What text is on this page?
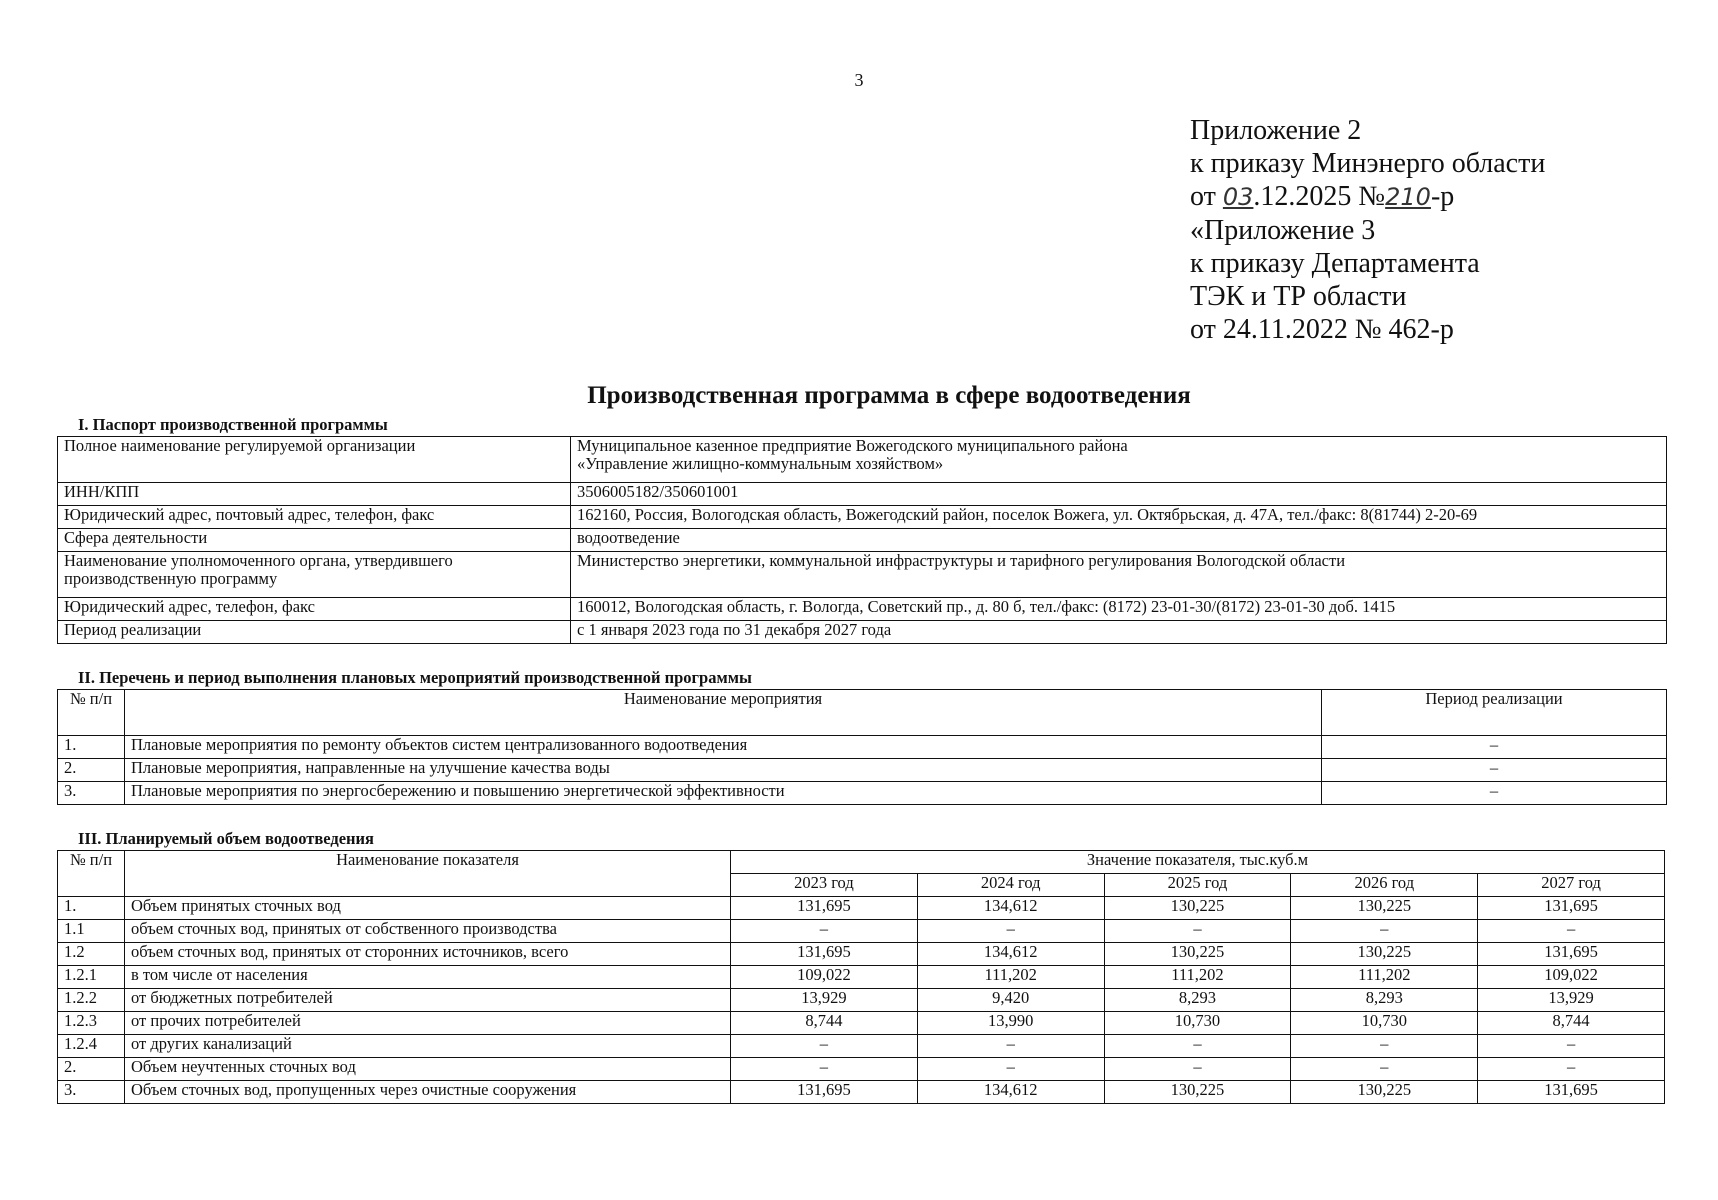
3
Приложение 2
к приказу Минэнерго области
от 03.12.2025 №210-р
«Приложение 3
к приказу Департамента
ТЭК и ТР области
от 24.11.2022 № 462-р
Производственная программа в сфере водоотведения
I. Паспорт производственной программы
Полное наименование регулируемой организации	Муниципальное казенное предприятие Вожегодского муниципального района
«Управление жилищно-коммунальным хозяйством»

ИНН/КПП	3506005182/350601001
Юридический адрес, почтовый адрес, телефон, факс	162160, Россия, Вологодская область, Вожегодский район, поселок Вожега, ул. Октябрьская, д. 47А, тел./факс: 8(81744) 2-20-69
Сфера деятельности	водоотведение
Наименование уполномоченного органа, утвердившего производственную программу	Министерство энергетики, коммунальной инфраструктуры и тарифного регулирования Вологодской области
Юридический адрес, телефон, факс	160012, Вологодская область, г. Вологда, Советский пр., д. 80 б, тел./факс: (8172) 23-01-30/(8172) 23-01-30 доб. 1415
Период реализации	с 1 января 2023 года по 31 декабря 2027 года
II. Перечень и период выполнения плановых мероприятий производственной программы
№ п/п	Наименование мероприятия	Период реализации
1.	Плановые мероприятия по ремонту объектов систем централизованного водоотведения	–
2.	Плановые мероприятия, направленные на улучшение качества воды	–
3.	Плановые мероприятия по энергосбережению и повышению энергетической эффективности	–
III. Планируемый объем водоотведения
№ п/п	Наименование показателя	Значение показателя, тыс.куб.м				
		2023 год	2024 год	2025 год	2026 год	2027 год
1.	Объем принятых сточных вод	131,695	134,612	130,225	130,225	131,695
1.1	объем сточных вод, принятых от собственного производства	–	–	–	–	–
1.2	объем сточных вод, принятых от сторонних источников, всего	131,695	134,612	130,225	130,225	131,695
1.2.1	в том числе от населения	109,022	111,202	111,202	111,202	109,022
1.2.2	от бюджетных потребителей	13,929	9,420	8,293	8,293	13,929
1.2.3	от прочих потребителей	8,744	13,990	10,730	10,730	8,744
1.2.4	от других канализаций	–	–	–	–	–
2.	Объем неучтенных сточных вод	–	–	–	–	–
3.	Объем сточных вод, пропущенных через очистные сооружения	131,695	134,612	130,225	130,225	131,695
